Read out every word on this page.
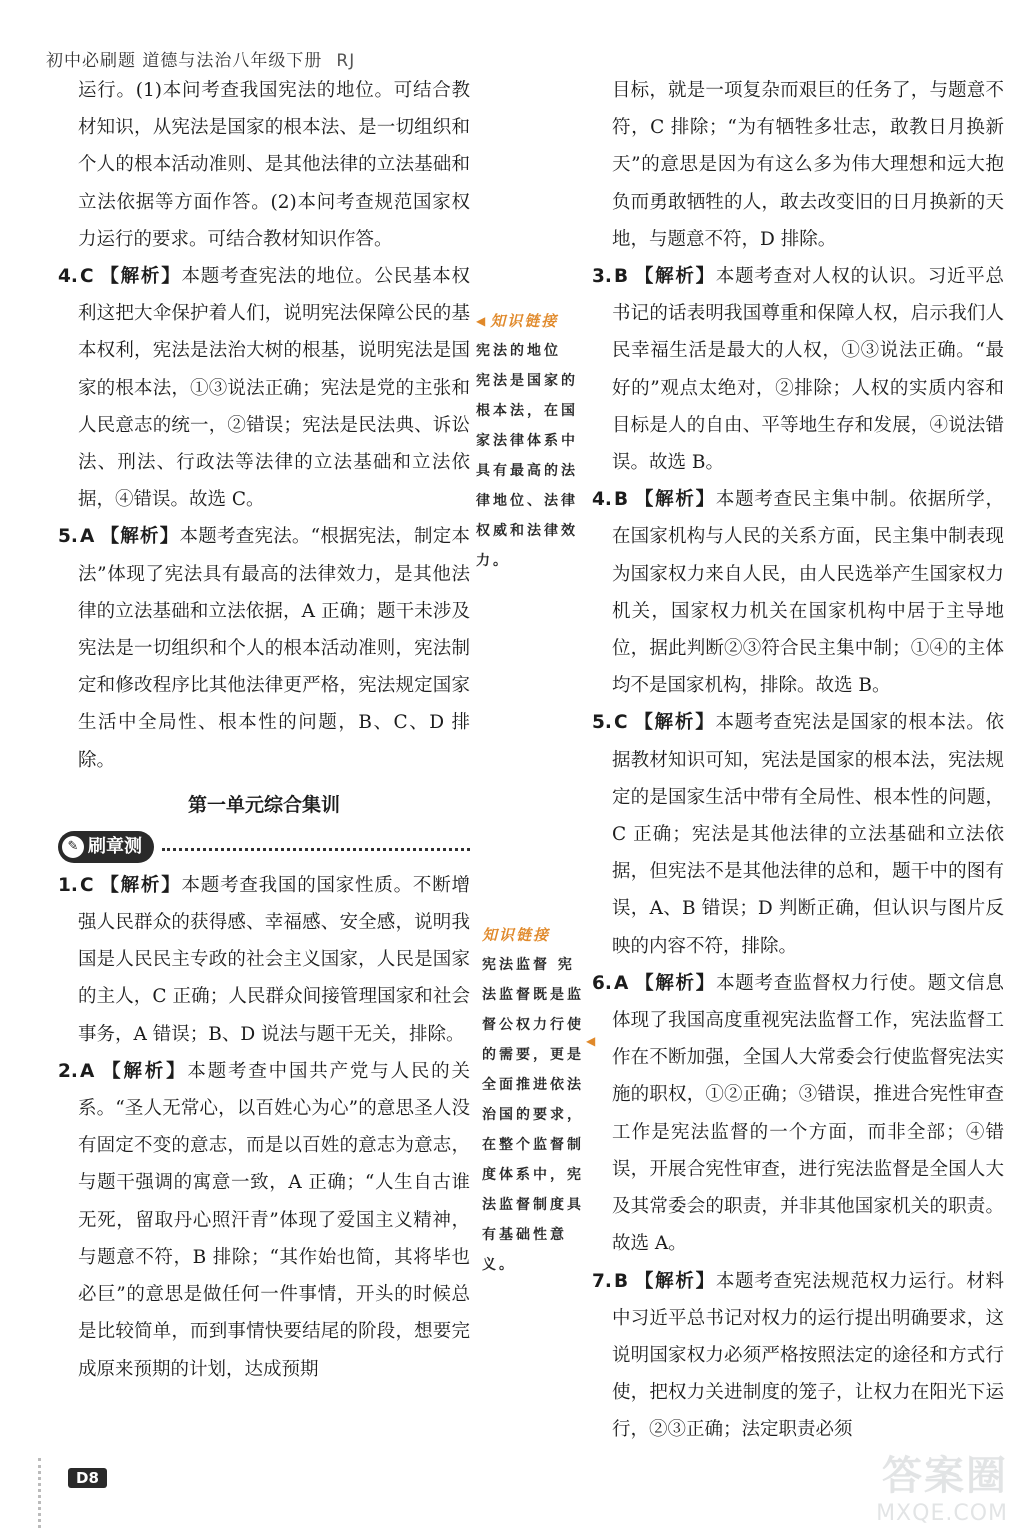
初中必刷题 道德与法治八年级下册 RJ

运行。(1)本问考查我国宪法的地位。可结合教材知识，从宪法是国家的根本法、是一切组织和个人的根本活动准则、是其他法律的立法基础和立法依据等方面作答。(2)本问考查规范国家权力运行的要求。可结合教材知识作答。

4. C 【解析】本题考查宪法的地位。公民基本权利这把大伞保护着人们，说明宪法保障公民的基本权利，宪法是法治大树的根基，说明宪法是国家的根本法，①③说法正确；宪法是党的主张和人民意志的统一，②错误；宪法是民法典、诉讼法、刑法、行政法等法律的立法基础和立法依据，④错误。故选 C。

5. A 【解析】本题考查宪法。“根据宪法，制定本法”体现了宪法具有最高的法律效力，是其他法律的立法基础和立法依据，A 正确；题干未涉及宪法是一切组织和个人的根本活动准则，宪法制定和修改程序比其他法律更严格，宪法规定国家生活中全局性、根本性的问题，B、C、D 排除。

第一单元综合集训
✎ 刷章测

1. C 【解析】本题考查我国的国家性质。不断增强人民群众的获得感、幸福感、安全感，说明我国是人民民主专政的社会主义国家，人民是国家的主人，C 正确；人民群众间接管理国家和社会事务，A 错误；B、D 说法与题干无关，排除。

2. A 【解析】本题考查中国共产党与人民的关系。“圣人无常心，以百姓心为心”的意思圣人没有固定不变的意志，而是以百姓的意志为意志，与题干强调的寓意一致，A 正确；“人生自古谁无死，留取丹心照汗青”体现了爱国主义精神，与题意不符，B 排除；“其作始也简，其将毕也必巨”的意思是做任何一件事情，开头的时候总是比较简单，而到事情快要结尾的阶段，想要完成原来预期的计划，达成预期

◀ 知识链接
宪法的地位 宪法是国家的根本法，在国家法律体系中具有最高的法律地位、法律权威和法律效力。
知识链接
宪法监督 宪法监督既是监督公权力行使的需要，更是全面推进依法治国的要求，在整个监督制度体系中，宪法监督制度具有基础性意义。
◀

目标，就是一项复杂而艰巨的任务了，与题意不符，C 排除；“为有牺牲多壮志，敢教日月换新天”的意思是因为有这么多为伟大理想和远大抱负而勇敢牺牲的人，敢去改变旧的日月换新的天地，与题意不符，D 排除。

3. B 【解析】本题考查对人权的认识。习近平总书记的话表明我国尊重和保障人权，启示我们人民幸福生活是最大的人权，①③说法正确。“最好的”观点太绝对，②排除；人权的实质内容和目标是人的自由、平等地生存和发展，④说法错误。故选 B。

4. B 【解析】本题考查民主集中制。依据所学，在国家机构与人民的关系方面，民主集中制表现为国家权力来自人民，由人民选举产生国家权力机关，国家权力机关在国家机构中居于主导地位，据此判断②③符合民主集中制；①④的主体均不是国家机构，排除。故选 B。

5. C 【解析】本题考查宪法是国家的根本法。依据教材知识可知，宪法是国家的根本法，宪法规定的是国家生活中带有全局性、根本性的问题，C 正确；宪法是其他法律的立法基础和立法依据，但宪法不是其他法律的总和，题干中的图有误，A、B 错误；D 判断正确，但认识与图片反映的内容不符，排除。

6. A 【解析】本题考查监督权力行使。题文信息体现了我国高度重视宪法监督工作，宪法监督工作在不断加强，全国人大常委会行使监督宪法实施的职权，①②正确；③错误，推进合宪性审查工作是宪法监督的一个方面，而非全部；④错误，开展合宪性审查，进行宪法监督是全国人大及其常委会的职责，并非其他国家机关的职责。故选 A。

7. B 【解析】本题考查宪法规范权力运行。材料中习近平总书记对权力的运行提出明确要求，这说明国家权力必须严格按照法定的途径和方式行使，把权力关进制度的笼子，让权力在阳光下运行，②③正确；法定职责必须

D8	答案圈
MXQE.COM
